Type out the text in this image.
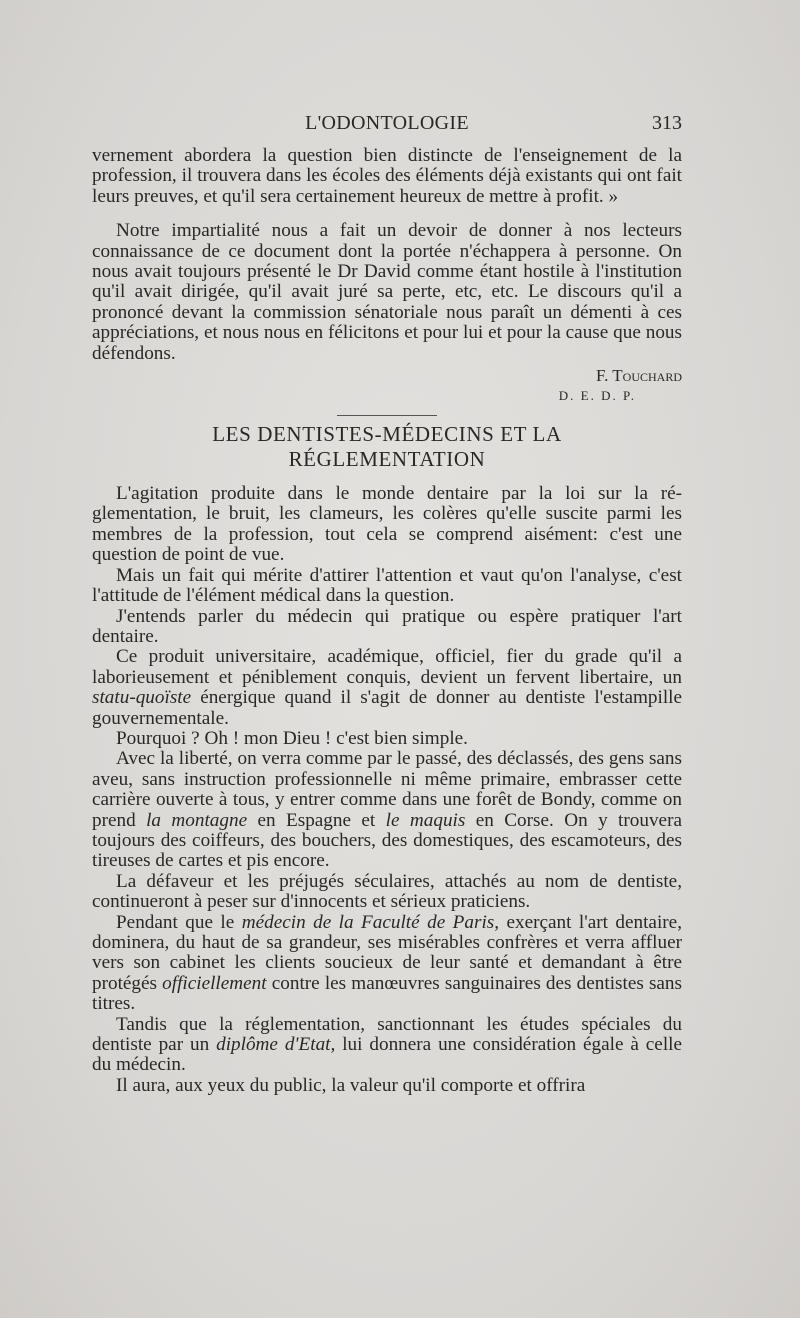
L'ODONTOLOGIE	313

vernement abordera la question bien distincte de l'enseignement de la profession, il trouvera dans les écoles des éléments déjà existants qui ont fait leurs preuves, et qu'il sera certainement heureux de mettre à profit. »

Notre impartialité nous a fait un devoir de donner à nos lecteurs connaissance de ce document dont la portée n'échappera à personne. On nous avait toujours présenté le Dr David comme étant hostile à l'institution qu'il avait dirigée, qu'il avait juré sa perte, etc, etc. Le discours qu'il a prononcé devant la commission sénatoriale nous paraît un démenti à ces appréciations, et nous nous en félicitons et pour lui et pour la cause que nous défendons.

F. Touchard
D. E. D. P.
LES DENTISTES-MÉDECINS ET LA
RÉGLEMENTATION

L'agitation produite dans le monde dentaire par la loi sur la réglementation, le bruit, les clameurs, les colères qu'elle suscite parmi les membres de la profession, tout cela se comprend aisément: c'est une question de point de vue.

Mais un fait qui mérite d'attirer l'attention et vaut qu'on l'analyse, c'est l'attitude de l'élément médical dans la question.

J'entends parler du médecin qui pratique ou espère pratiquer l'art dentaire.

Ce produit universitaire, académique, officiel, fier du grade qu'il a laborieusement et péniblement conquis, devient un fervent libertaire, un statu-quoïste énergique quand il s'agit de donner au dentiste l'estampille gouvernementale.

Pourquoi ? Oh ! mon Dieu ! c'est bien simple.

Avec la liberté, on verra comme par le passé, des déclassés, des gens sans aveu, sans instruction professionnelle ni même primaire, embrasser cette carrière ouverte à tous, y entrer comme dans une forêt de Bondy, comme on prend la montagne en Espagne et le maquis en Corse. On y trouvera toujours des coiffeurs, des bouchers, des domestiques, des escamoteurs, des tireuses de cartes et pis encore.

La défaveur et les préjugés séculaires, attachés au nom de dentiste, continueront à peser sur d'innocents et sérieux praticiens.

Pendant que le médecin de la Faculté de Paris, exerçant l'art dentaire, dominera, du haut de sa grandeur, ses misérables confrères et verra affluer vers son cabinet les clients soucieux de leur santé et demandant à être protégés officiellement contre les manœuvres sanguinaires des dentistes sans titres.

Tandis que la réglementation, sanctionnant les études spéciales du dentiste par un diplôme d'Etat, lui donnera une considération égale à celle du médecin.

Il aura, aux yeux du public, la valeur qu'il comporte et offrira
